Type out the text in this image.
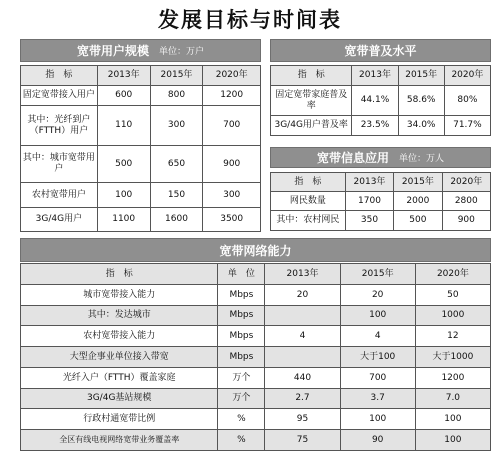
发展目标与时间表
宽带用户规模 单位：万户
指　标	2013年	2015年	2020年
固定宽带接入用户	600	800	1200
其中：光纤到户（FTTH）用户	110	300	700
其中：城市宽带用户	500	650	900
农村宽带用户	100	150	300
3G/4G用户	1100	1600	3500
宽带普及水平
指　标	2013年	2015年	2020年
固定宽带家庭普及率	44.1%	58.6%	80%
3G/4G用户普及率	23.5%	34.0%	71.7%
宽带信息应用 单位：万人
指　标	2013年	2015年	2020年
网民数量	1700	2000	2800
其中：农村网民	350	500	900
宽带网络能力
指　标	单　位	2013年	2015年	2020年
城市宽带接入能力	Mbps	20	20	50
其中：发达城市	Mbps		100	1000
农村宽带接入能力	Mbps	4	4	12
大型企事业单位接入带宽	Mbps		大于100	大于1000
光纤入户（FTTH）覆盖家庭	万个	440	700	1200
3G/4G基站规模	万个	2.7	3.7	7.0
行政村通宽带比例	%	95	100	100
全区有线电视网络宽带业务覆盖率	%	75	90	100
